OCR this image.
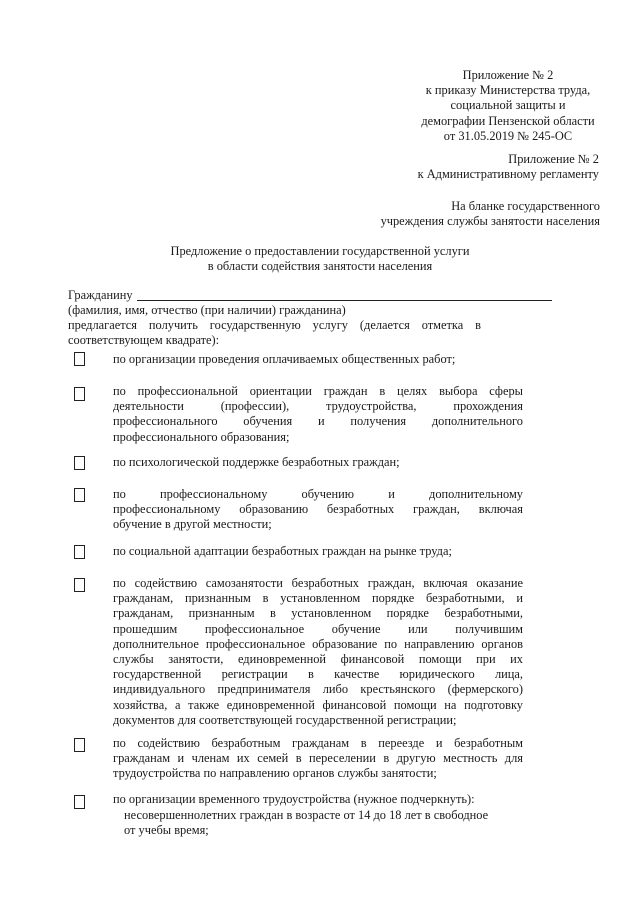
Приложение № 2
к приказу Министерства труда,
социальной защиты и
демографии Пензенской области
от 31.05.2019 № 245-ОС
Приложение № 2
к Административному регламенту
На бланке государственного
учреждения службы занятости населения
Предложение о предоставлении государственной услуги
в области содействия занятости населения
Гражданину
(фамилия, имя, отчество (при наличии) гражданина)
предлагается получить государственную услугу (делается отметка в
соответствующем квадрате):
по организации проведения оплачиваемых общественных работ;
по профессиональной ориентации граждан в целях выбора сферы
деятельности (профессии), трудоустройства, прохождения
профессионального обучения и получения дополнительного
профессионального образования;
по психологической поддержке безработных граждан;
по профессиональному обучению и дополнительному
профессиональному образованию безработных граждан, включая
обучение в другой местности;
по социальной адаптации безработных граждан на рынке труда;
по содействию самозанятости безработных граждан, включая оказание
гражданам, признанным в установленном порядке безработными, и
гражданам, признанным в установленном порядке безработными,
прошедшим профессиональное обучение или получившим
дополнительное профессиональное образование по направлению органов
службы занятости, единовременной финансовой помощи при их
государственной регистрации в качестве юридического лица,
индивидуального предпринимателя либо крестьянского (фермерского)
хозяйства, а также единовременной финансовой помощи на подготовку
документов для соответствующей государственной регистрации;
по содействию безработным гражданам в переезде и безработным
гражданам и членам их семей в переселении в другую местность для
трудоустройства по направлению органов службы занятости;
по организации временного трудоустройства (нужное подчеркнуть):
несовершеннолетних граждан в возрасте от 14 до 18 лет в свободное
от учебы время;
